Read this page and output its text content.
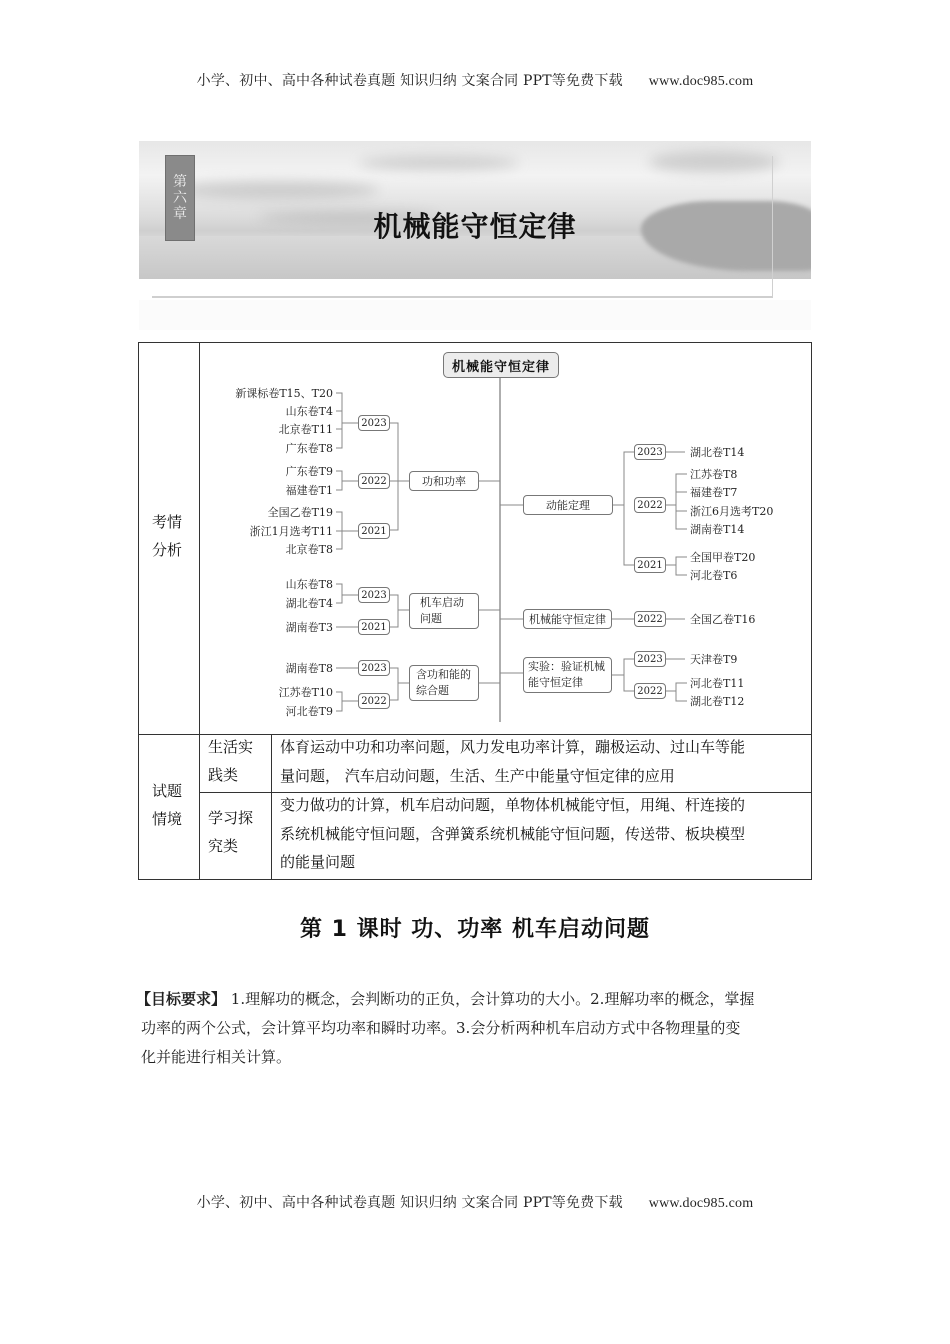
小学、初中、高中各种试卷真题 知识归纳 文案合同 PPT等免费下载 www.doc985.com
第
六
章	机械能守恒定律
考情
分析
试题
情境
生活实
践类
体育运动中功和功率问题，风力发电功率计算，蹦极运动、过山车等能
量问题， 汽车启动问题，生活、生产中能量守恒定律的应用
学习探
究类
变力做功的计算，机车启动问题，单物体机械能守恒，用绳、杆连接的
系统机械能守恒问题，含弹簧系统机械能守恒问题，传送带、板块模型
的能量问题
机械能守恒定律
功和功率
机车启动
问题
含功和能的
综合题
2023
2022
2021
2023
2021
2023
2022
新课标卷T15、T20
山东卷T4
北京卷T11
广东卷T8
广东卷T9
福建卷T1
全国乙卷T19
浙江1月选考T11
北京卷T8
山东卷T8
湖北卷T4
湖南卷T3
湖南卷T8
江苏卷T10
河北卷T9
动能定理
机械能守恒定律
实验：验证机械
能守恒定律
2023
2022
2021
2022
2023
2022
湖北卷T14
江苏卷T8
福建卷T7
浙江6月选考T20
湖南卷T14
全国甲卷T20
河北卷T6
全国乙卷T16
天津卷T9
河北卷T11
湖北卷T12
第 1 课时 功、功率 机车启动问题
【目标要求】 1.理解功的概念，会判断功的正负，会计算功的大小。2.理解功率的概念，掌握
功率的两个公式，会计算平均功率和瞬时功率。3.会分析两种机车启动方式中各物理量的变
化并能进行相关计算。
小学、初中、高中各种试卷真题 知识归纳 文案合同 PPT等免费下载 www.doc985.com
